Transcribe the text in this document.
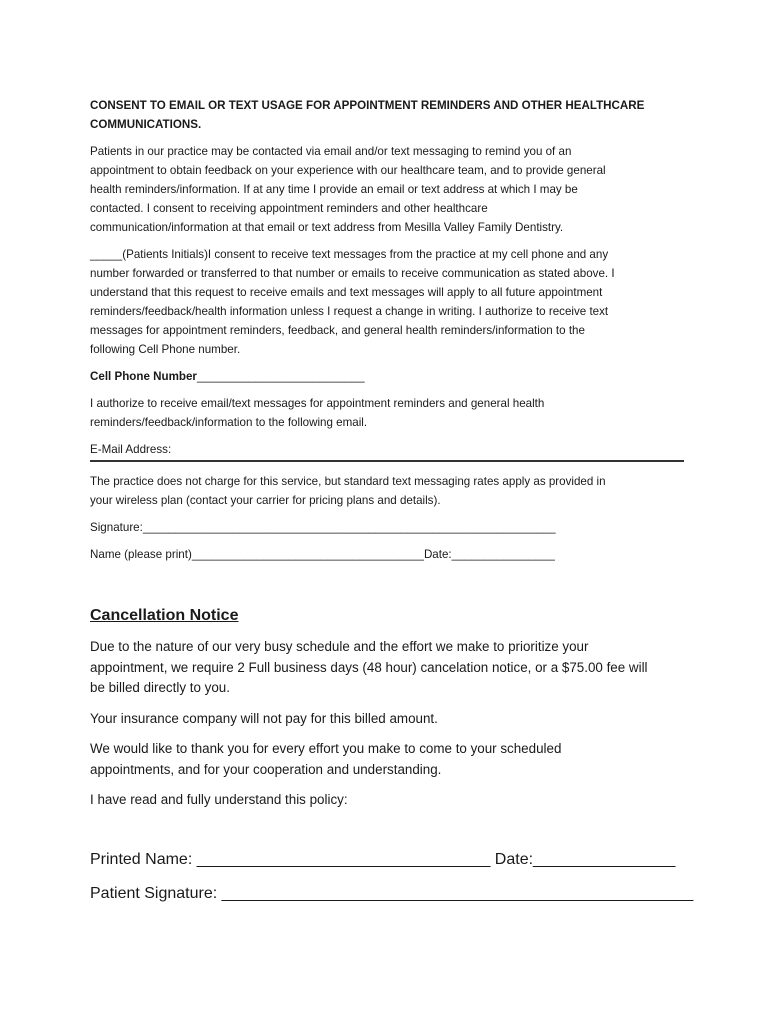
CONSENT TO EMAIL OR TEXT USAGE FOR APPOINTMENT REMINDERS AND OTHER HEALTHCARE
COMMUNICATIONS.
Patients in our practice may be contacted via email and/or text messaging to remind you of an
appointment to obtain feedback on your experience with our healthcare team, and to provide general
health reminders/information. If at any time I provide an email or text address at which I may be
contacted. I consent to receiving appointment reminders and other healthcare
communication/information at that email or text address from Mesilla Valley Family Dentistry.
_____(Patients Initials)I consent to receive text messages from the practice at my cell phone and any
number forwarded or transferred to that number or emails to receive communication as stated above. I
understand that this request to receive emails and text messages will apply to all future appointment
reminders/feedback/health information unless I request a change in writing. I authorize to receive text
messages for appointment reminders, feedback, and general health reminders/information to the
following Cell Phone number.
Cell Phone Number__________________________
I authorize to receive email/text messages for appointment reminders and general health
reminders/feedback/information to the following email.
E-Mail Address:
The practice does not charge for this service, but standard text messaging rates apply as provided in
your wireless plan (contact your carrier for pricing plans and details).
Signature:________________________________________________________________
Name (please print)____________________________________Date:________________
Cancellation Notice
Due to the nature of our very busy schedule and the effort we make to prioritize your
appointment, we require 2 Full business days (48 hour) cancelation notice, or a $75.00 fee will
be billed directly to you.
Your insurance company will not pay for this billed amount.
We would like to thank you for every effort you make to come to your scheduled
appointments, and for your cooperation and understanding.
I have read and fully understand this policy:
Printed Name: _________________________________ Date:________________
Patient Signature: _____________________________________________________
